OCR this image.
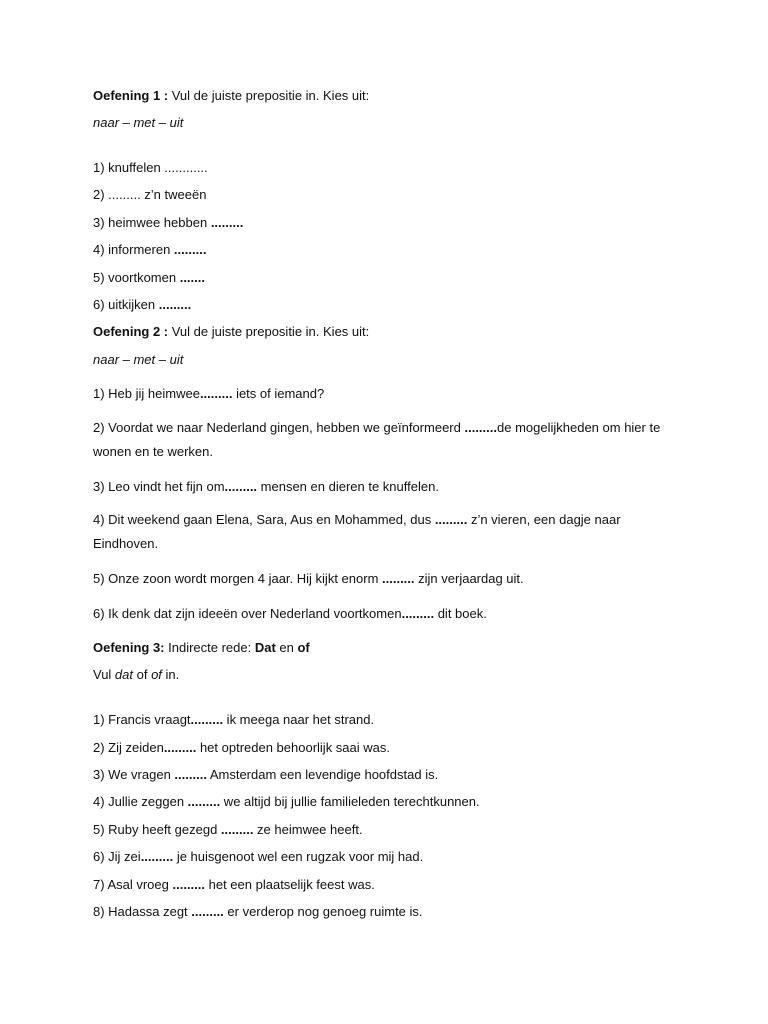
Oefening 1 : Vul de juiste prepositie in. Kies uit:
naar – met – uit
1) knuffelen ............
2) ......... z’n tweeën
3) heimwee hebben .........
4) informeren .........
5) voortkomen .......
6) uitkijken .........
Oefening 2 : Vul de juiste prepositie in. Kies uit:
naar – met – uit
1) Heb jij heimwee......... iets of iemand?
2) Voordat we naar Nederland gingen, hebben we geïnformeerd .........de mogelijkheden om hier te wonen en te werken.
3) Leo vindt het fijn om......... mensen en dieren te knuffelen.
4) Dit weekend gaan Elena, Sara, Aus en Mohammed, dus ......... z’n vieren, een dagje naar Eindhoven.
5) Onze zoon wordt morgen 4 jaar. Hij kijkt enorm ......... zijn verjaardag uit.
6) Ik denk dat zijn ideeën over Nederland voortkomen......... dit boek.
Oefening 3: Indirecte rede: Dat en of
Vul dat of of in.
1) Francis vraagt......... ik meega naar het strand.
2) Zij zeiden......... het optreden behoorlijk saai was.
3) We vragen ......... Amsterdam een levendige hoofdstad is.
4) Jullie zeggen ......... we altijd bij jullie familieleden terechtkunnen.
5) Ruby heeft gezegd ......... ze heimwee heeft.
6) Jij zei......... je huisgenoot wel een rugzak voor mij had.
7) Asal vroeg ......... het een plaatselijk feest was.
8) Hadassa zegt ......... er verderop nog genoeg ruimte is.
